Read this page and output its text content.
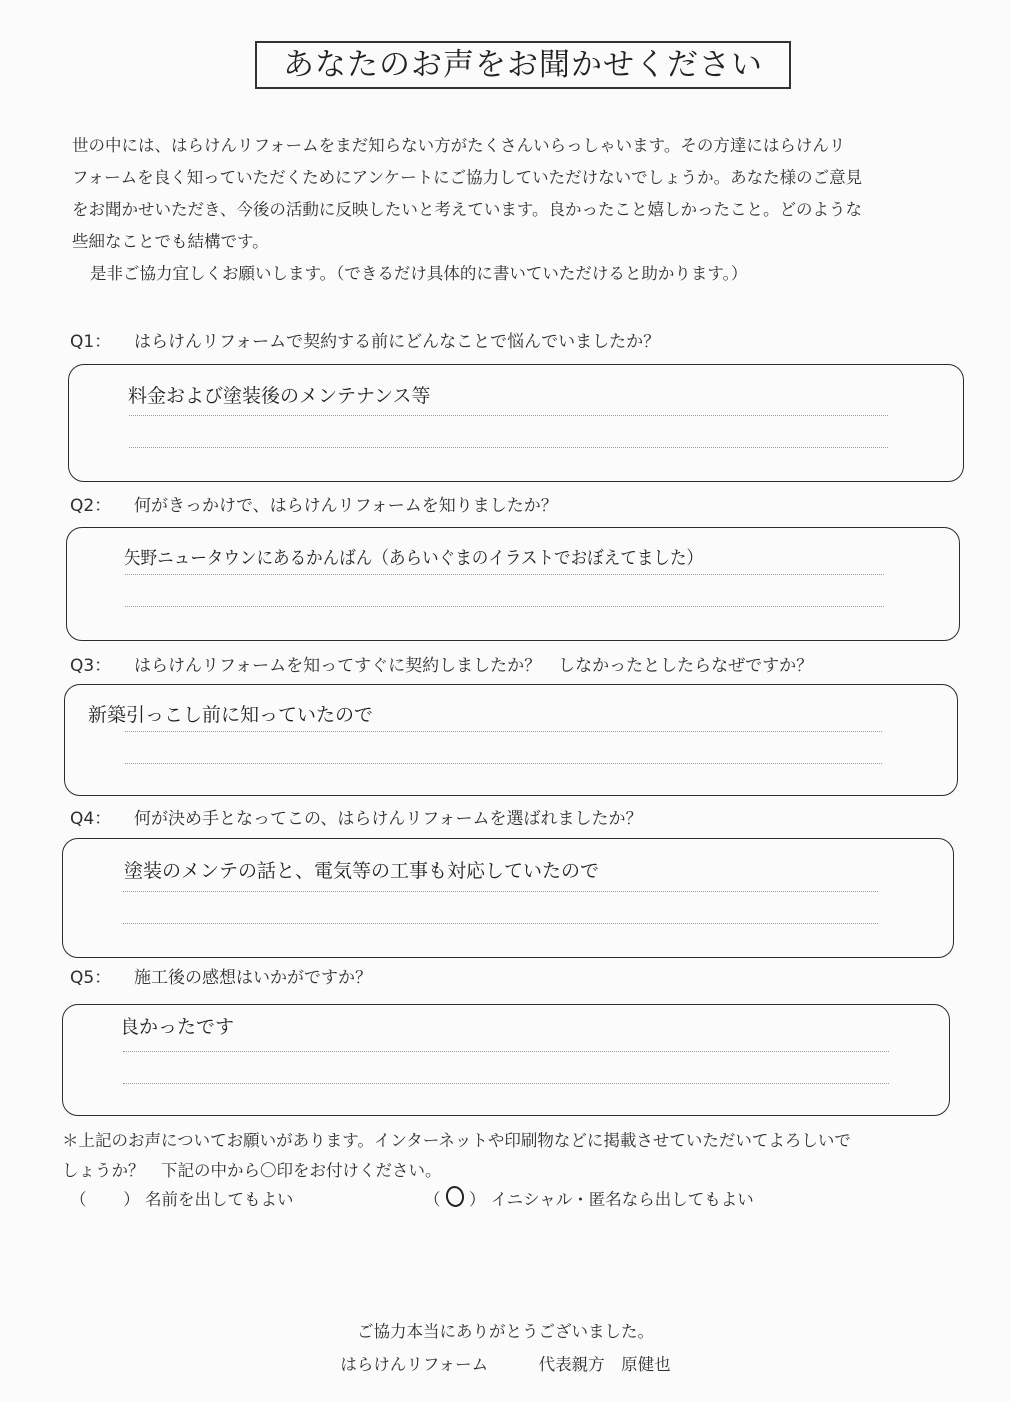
あなたのお声をお聞かせください

世の中には、はらけんリフォームをまだ知らない方がたくさんいらっしゃいます。その方達にはらけんリ

フォームを良く知っていただくためにアンケートにご協力していただけないでしょうか。あなた様のご意見

をお聞かせいただき、今後の活動に反映したいと考えています。良かったこと嬉しかったこと。どのような

些細なことでも結構です。

是非ご協力宜しくお願いします。（できるだけ具体的に書いていただけると助かります。）

Q1： はらけんリフォームで契約する前にどんなことで悩んでいましたか？
料金および塗装後のメンテナンス等
Q2： 何がきっかけで、はらけんリフォームを知りましたか？
矢野ニュータウンにあるかんばん（あらいぐまのイラストでおぼえてました）
Q3： はらけんリフォームを知ってすぐに契約しましたか？　しなかったとしたらなぜですか？
新築引っこし前に知っていたので
Q4： 何が決め手となってこの、はらけんリフォームを選ばれましたか？
塗装のメンテの話と、電気等の工事も対応していたので
Q5： 施工後の感想はいかがですか？
良かったです

＊上記のお声についてお願いがあります。インターネットや印刷物などに掲載させていただいてよろしいで

しょうか？　下記の中から〇印をお付けください。

（       ） 名前を出してもよい	（  ） イニシャル・匿名なら出してもよい
ご協力本当にありがとうございました。
はらけんリフォーム	代表親方　原健也
